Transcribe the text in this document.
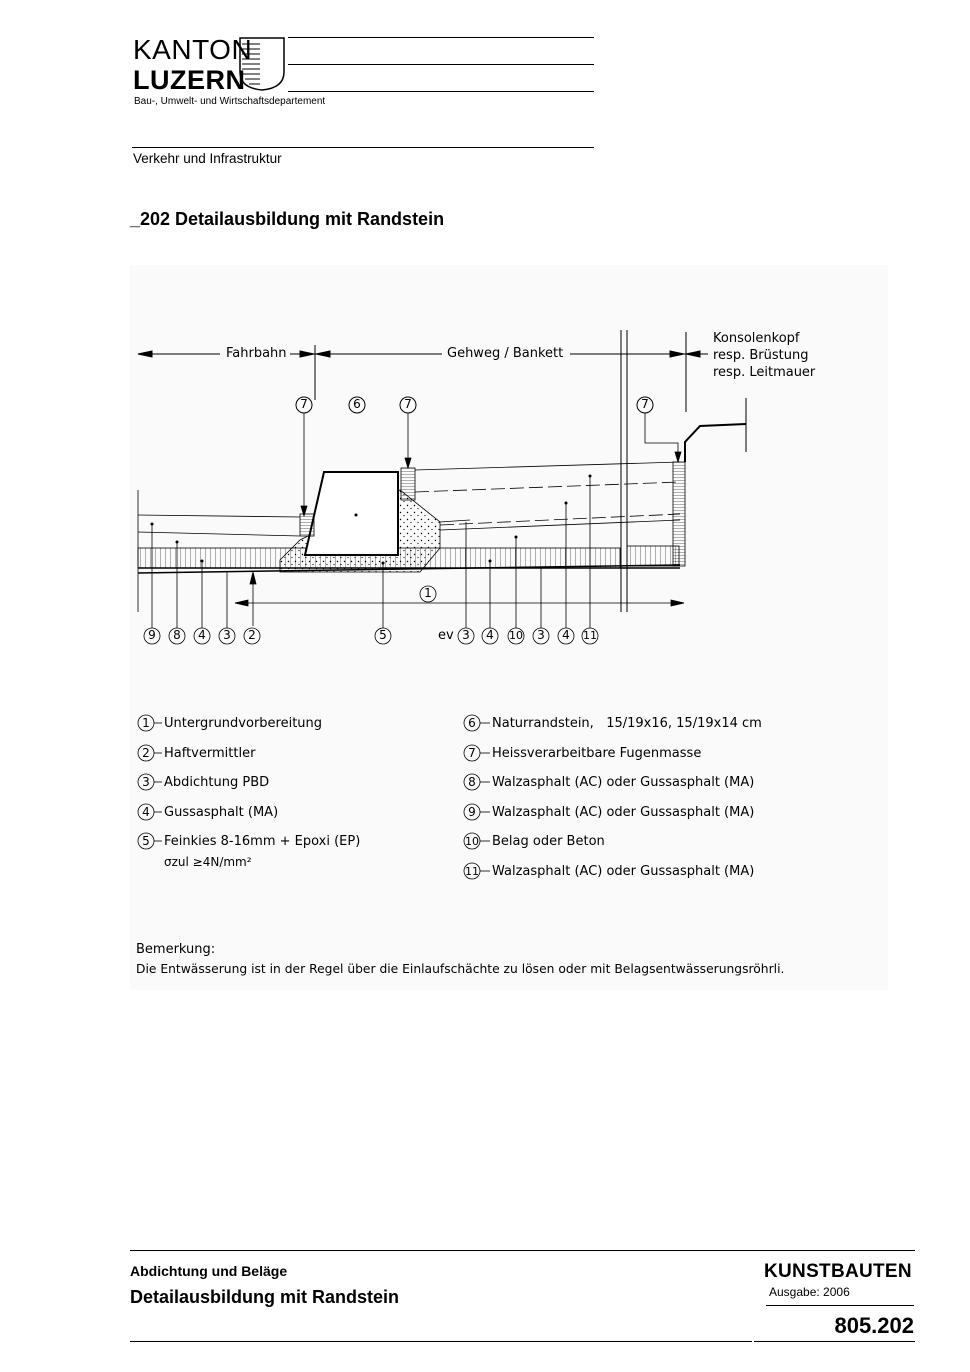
KANTON
LUZERN
Bau-, Umwelt- und Wirtschaftsdepartement
Verkehr und Infrastruktur
_202 Detailausbildung mit Randstein
Fahrbahn	Gehweg / Bankett
Konsolenkopf
resp. Brüstung
resp. Leitmauer
7	6	7	7
1
9 8 4 3 2	5	ev 3 4 10 3 4 11
1
2
3
4
5
Untergrundvorbereitung
Haftvermittler
Abdichtung PBD
Gussasphalt (MA)
Feinkies 8-16mm + Epoxi (EP)
σzul ≥4N/mm²
6
7
8
9
10
11
Naturrandstein,   15/19x16, 15/19x14 cm
Heissverarbeitbare Fugenmasse
Walzasphalt (AC) oder Gussasphalt (MA)
Walzasphalt (AC) oder Gussasphalt (MA)
Belag oder Beton
Walzasphalt (AC) oder Gussasphalt (MA)
Bemerkung:
Die Entwässerung ist in der Regel über die Einlaufschächte zu lösen oder mit Belagsentwässerungsröhrli.
Abdichtung und Beläge
Detailausbildung mit Randstein
KUNSTBAUTEN
Ausgabe: 2006
805.202
